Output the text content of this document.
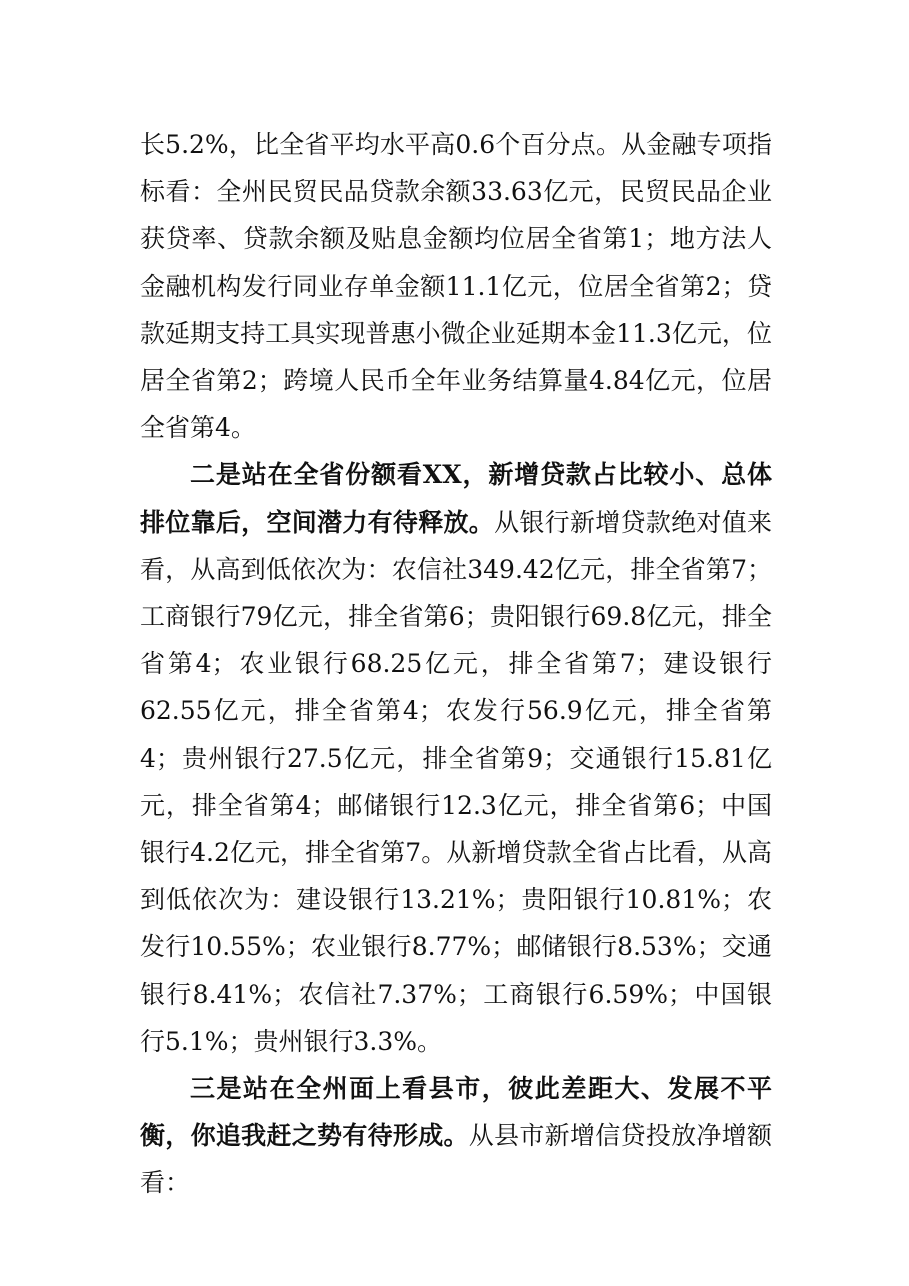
长5.2%，比全省平均水平高0.6个百分点。从金融专项指标看：全州民贸民品贷款余额33.63亿元，民贸民品企业获贷率、贷款余额及贴息金额均位居全省第1；地方法人金融机构发行同业存单金额11.1亿元，位居全省第2；贷款延期支持工具实现普惠小微企业延期本金11.3亿元，位居全省第2；跨境人民币全年业务结算量4.84亿元，位居全省第4。

二是站在全省份额看XX，新增贷款占比较小、总体排位靠后，空间潜力有待释放。从银行新增贷款绝对值来看，从高到低依次为：农信社349.42亿元，排全省第7；工商银行79亿元，排全省第6；贵阳银行69.8亿元，排全省第4；农业银行68.25亿元，排全省第7；建设银行62.55亿元，排全省第4；农发行56.9亿元，排全省第4；贵州银行27.5亿元，排全省第9；交通银行15.81亿元，排全省第4；邮储银行12.3亿元，排全省第6；中国银行4.2亿元，排全省第7。从新增贷款全省占比看，从高到低依次为：建设银行13.21%；贵阳银行10.81%；农发行10.55%；农业银行8.77%；邮储银行8.53%；交通银行8.41%；农信社7.37%；工商银行6.59%；中国银行5.1%；贵州银行3.3%。

三是站在全州面上看县市，彼此差距大、发展不平衡，你追我赶之势有待形成。从县市新增信贷投放净增额看：
